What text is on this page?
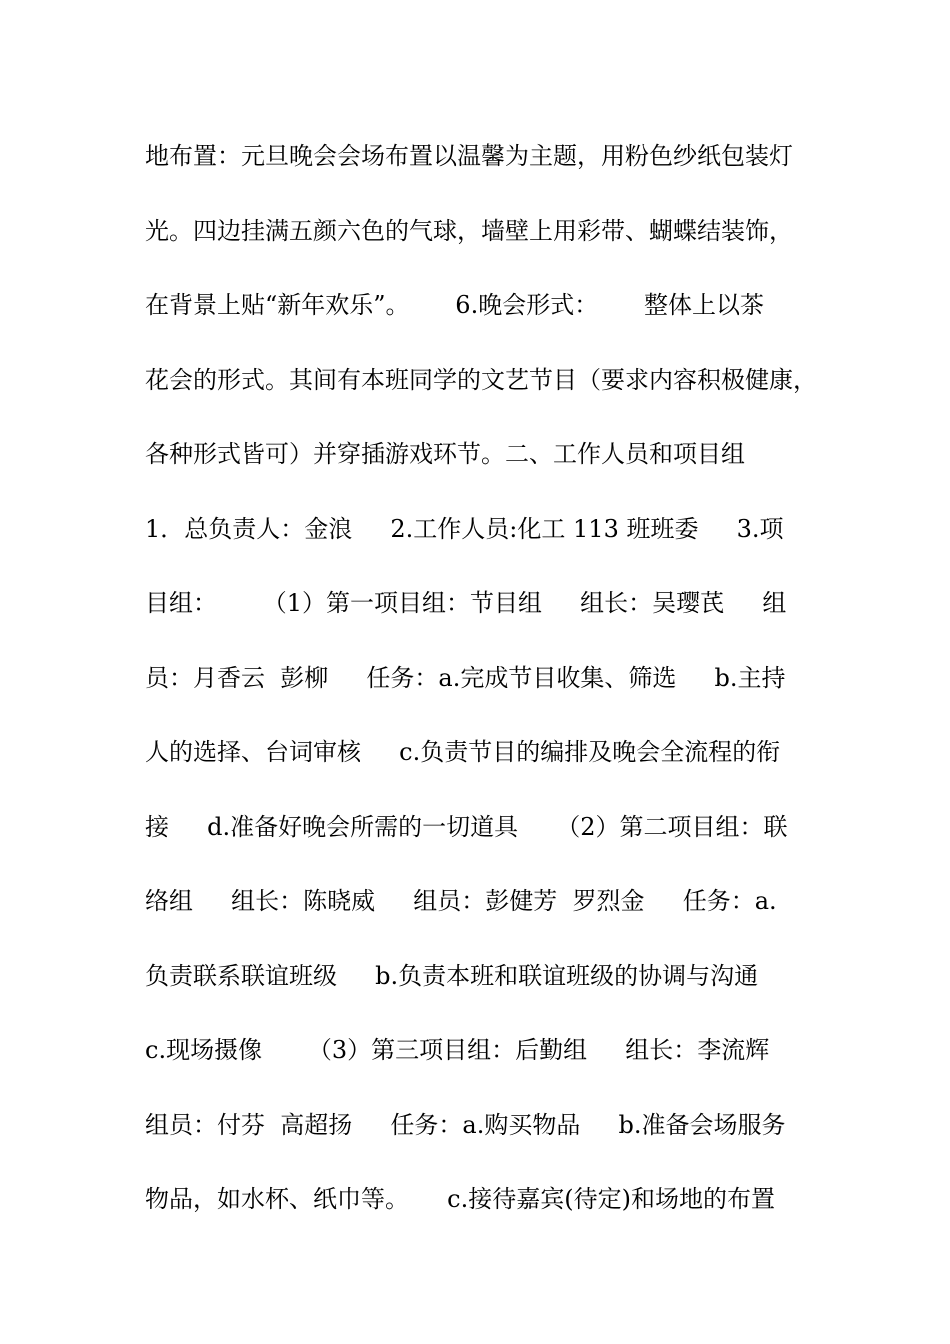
地布置：元旦晚会会场布置以温馨为主题，用粉色纱纸包装灯
光。四边挂满五颜六色的气球，墙壁上用彩带、蝴蝶结装饰，
在背景上贴“新年欢乐”。      6.晚会形式：      整体上以茶
花会的形式。其间有本班同学的文艺节目（要求内容积极健康，
各种形式皆可）并穿插游戏环节。二、工作人员和项目组
1．总负责人：金浪     2.工作人员:化工 113 班班委     3.项
目组：      （1）第一项目组：节目组     组长：吴璎芪     组
员：月香云  彭柳     任务：a.完成节目收集、筛选     b.主持
人的选择、台词审核     c.负责节目的编排及晚会全流程的衔
接     d.准备好晚会所需的一切道具     （2）第二项目组：联
络组     组长：陈晓威     组员：彭健芳  罗烈金     任务：a.
负责联系联谊班级     b.负责本班和联谊班级的协调与沟通
c.现场摄像      （3）第三项目组：后勤组     组长：李流辉
组员：付芬  高超扬     任务：a.购买物品     b.准备会场服务
物品，如水杯、纸巾等。     c.接待嘉宾(待定)和场地的布置
